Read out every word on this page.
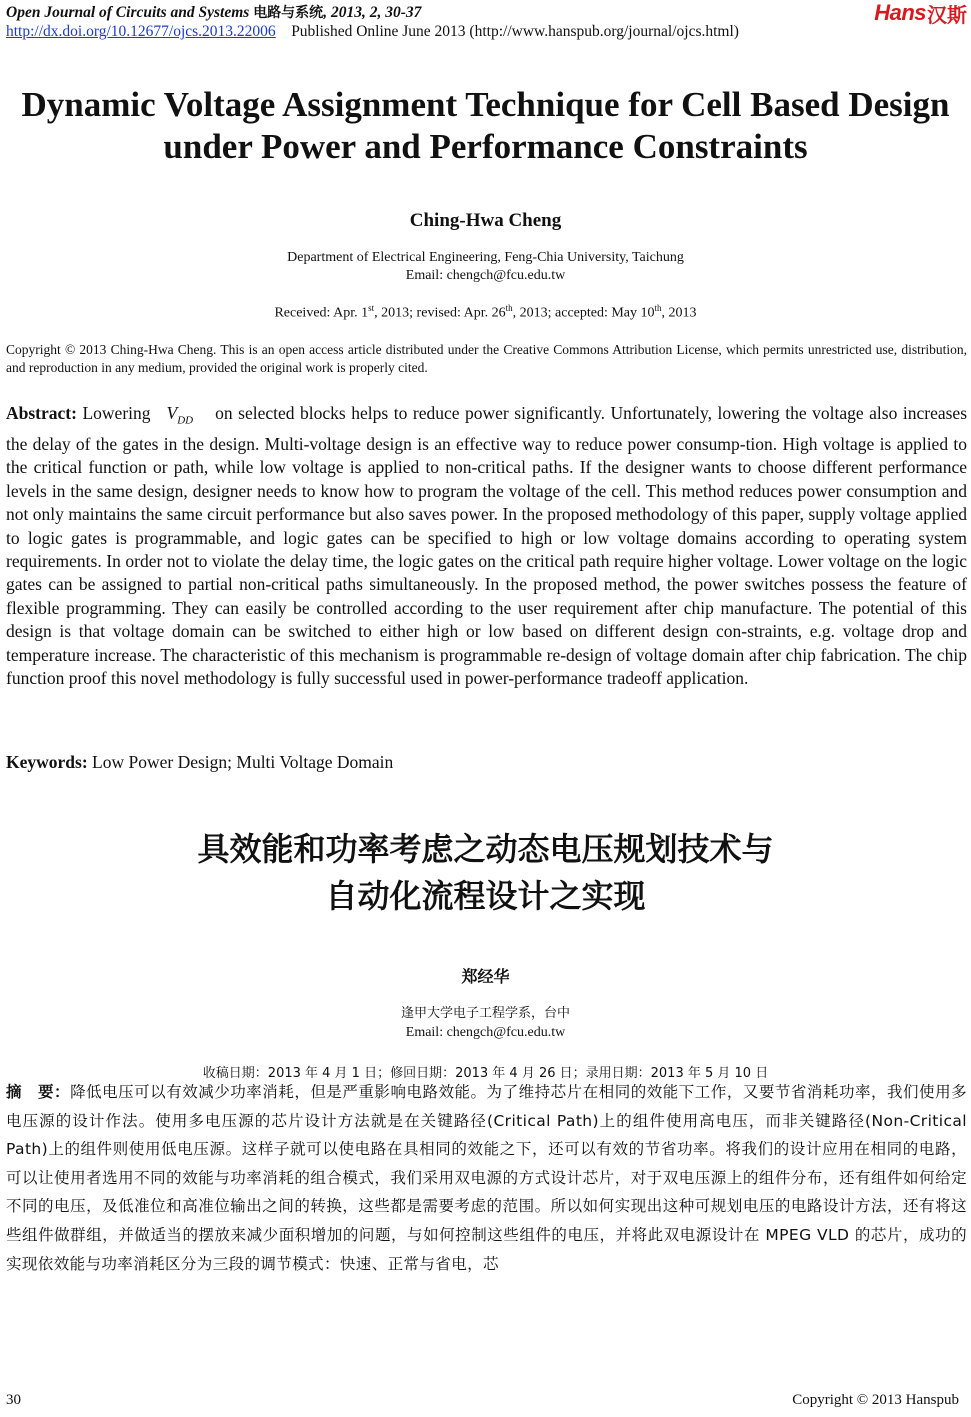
Open Journal of Circuits and Systems 电路与系统, 2013, 2, 30-37
http://dx.doi.org/10.12677/ojcs.2013.22006 Published Online June 2013 (http://www.hanspub.org/journal/ojcs.html)
Hans 汉斯
Dynamic Voltage Assignment Technique for Cell Based Design
under Power and Performance Constraints
Ching-Hwa Cheng
Department of Electrical Engineering, Feng-Chia University, Taichung
Email: chengch@fcu.edu.tw
Received: Apr. 1st, 2013; revised: Apr. 26th, 2013; accepted: May 10th, 2013
Copyright © 2013 Ching-Hwa Cheng. This is an open access article distributed under the Creative Commons Attribution License, which permits unrestricted use, distribution, and reproduction in any medium, provided the original work is properly cited.
Abstract: Lowering $V_{DD}$ on selected blocks helps to reduce power significantly. Unfortunately, lowering the voltage also increases the delay of the gates in the design. Multi-voltage design is an effective way to reduce power consump-tion. High voltage is applied to the critical function or path, while low voltage is applied to non-critical paths. If the designer wants to choose different performance levels in the same design, designer needs to know how to program the voltage of the cell. This method reduces power consumption and not only maintains the same circuit performance but also saves power. In the proposed methodology of this paper, supply voltage applied to logic gates is programmable, and logic gates can be specified to high or low voltage domains according to operating system requirements. In order not to violate the delay time, the logic gates on the critical path require higher voltage. Lower voltage on the logic gates can be assigned to partial non-critical paths simultaneously. In the proposed method, the power switches possess the feature of flexible programming. They can easily be controlled according to the user requirement after chip manufacture. The potential of this design is that voltage domain can be switched to either high or low based on different design con-straints, e.g. voltage drop and temperature increase. The characteristic of this mechanism is programmable re-design of voltage domain after chip fabrication. The chip function proof this novel methodology is fully successful used in power-performance tradeoff application.
Keywords: Low Power Design; Multi Voltage Domain
具效能和功率考虑之动态电压规划技术与
自动化流程设计之实现
郑经华
逢甲大学电子工程学系，台中
Email: chengch@fcu.edu.tw
收稿日期：2013 年 4 月 1 日；修回日期：2013 年 4 月 26 日；录用日期：2013 年 5 月 10 日
摘　要：降低电压可以有效减少功率消耗，但是严重影响电路效能。为了维持芯片在相同的效能下工作，又要节省消耗功率，我们使用多电压源的设计作法。使用多电压源的芯片设计方法就是在关键路径(Critical Path)上的组件使用高电压，而非关键路径(Non-Critical Path)上的组件则使用低电压源。这样子就可以使电路在具相同的效能之下，还可以有效的节省功率。将我们的设计应用在相同的电路，可以让使用者选用不同的效能与功率消耗的组合模式，我们采用双电源的方式设计芯片，对于双电压源上的组件分布，还有组件如何给定不同的电压，及低准位和高准位输出之间的转换，这些都是需要考虑的范围。所以如何实现出这种可规划电压的电路设计方法，还有将这些组件做群组，并做适当的摆放来减少面积增加的问题，与如何控制这些组件的电压，并将此双电源设计在 MPEG VLD 的芯片，成功的实现依效能与功率消耗区分为三段的调节模式：快速、正常与省电，芯
30	Copyright © 2013 Hanspub
